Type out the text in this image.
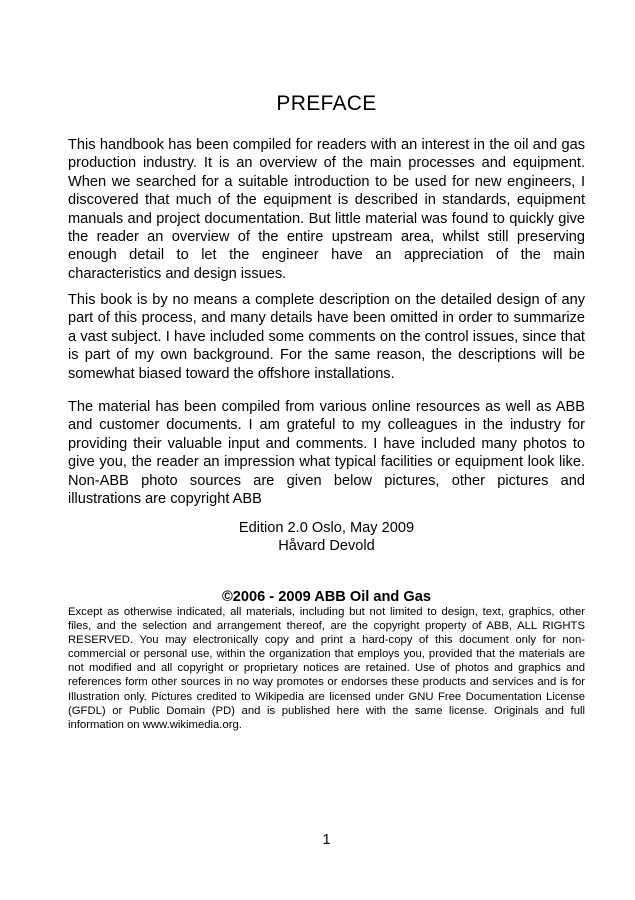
PREFACE

This handbook has been compiled for readers with an interest in the oil and gas production industry. It is an overview of the main processes and equipment. When we searched for a suitable introduction to be used for new engineers, I discovered that much of the equipment is described in standards, equipment manuals and project documentation. But little material was found to quickly give the reader an overview of the entire upstream area, whilst still preserving enough detail to let the engineer have an appreciation of the main characteristics and design issues.

This book is by no means a complete description on the detailed design of any part of this process, and many details have been omitted in order to summarize a vast subject. I have included some comments on the control issues, since that is part of my own background. For the same reason, the descriptions will be somewhat biased toward the offshore installations.

The material has been compiled from various online resources as well as ABB and customer documents. I am grateful to my colleagues in the industry for providing their valuable input and comments. I have included many photos to give you, the reader an impression what typical facilities or equipment look like. Non-ABB photo sources are given below pictures, other pictures and illustrations are copyright ABB

Edition 2.0 Oslo, May 2009
Håvard Devold
©2006 - 2009 ABB Oil and Gas

Except as otherwise indicated, all materials, including but not limited to design, text, graphics, other files, and the selection and arrangement thereof, are the copyright property of ABB, ALL RIGHTS RESERVED. You may electronically copy and print a hard-copy of this document only for non-commercial or personal use, within the organization that employs you, provided that the materials are not modified and all copyright or proprietary notices are retained. Use of photos and graphics and references form other sources in no way promotes or endorses these products and services and is for Illustration only. Pictures credited to Wikipedia are licensed under GNU Free Documentation License (GFDL) or Public Domain (PD) and is published here with the same license. Originals and full information on www.wikimedia.org.

1
